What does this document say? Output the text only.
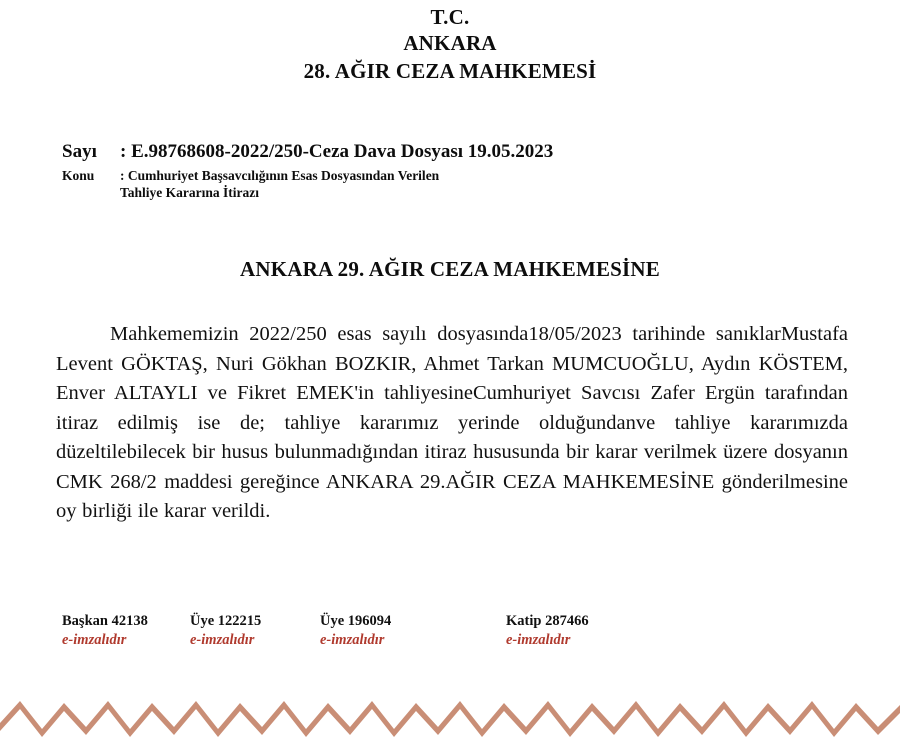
T.C.
ANKARA
28. AĞIR CEZA MAHKEMESİ
Sayı	: E.98768608-2022/250-Ceza Dava Dosyası 19.05.2023
Konu	: Cumhuriyet Başsavcılığının Esas Dosyasından Verilen
Tahliye Kararına İtirazı
ANKARA 29. AĞIR CEZA MAHKEMESİNE
Mahkememizin 2022/250 esas sayılı dosyasında18/05/2023 tarihinde sanıklarMustafa Levent GÖKTAŞ, Nuri Gökhan BOZKIR, Ahmet Tarkan MUMCUOĞLU, Aydın KÖSTEM, Enver ALTAYLI ve Fikret EMEK'in tahliyesineCumhuriyet Savcısı Zafer Ergün tarafından itiraz edilmiş ise de; tahliye kararımız yerinde olduğundanve tahliye kararımızda düzeltilebilecek bir husus bulunmadığından itiraz hususunda bir karar verilmek üzere dosyanın CMK 268/2 maddesi gereğince ANKARA 29.AĞIR CEZA MAHKEMESİNE gönderilmesine oy birliği ile karar verildi.
Başkan 42138
e-imzalıdır
Üye 122215
e-imzalıdır
Üye 196094
e-imzalıdır
Katip 287466
e-imzalıdır
